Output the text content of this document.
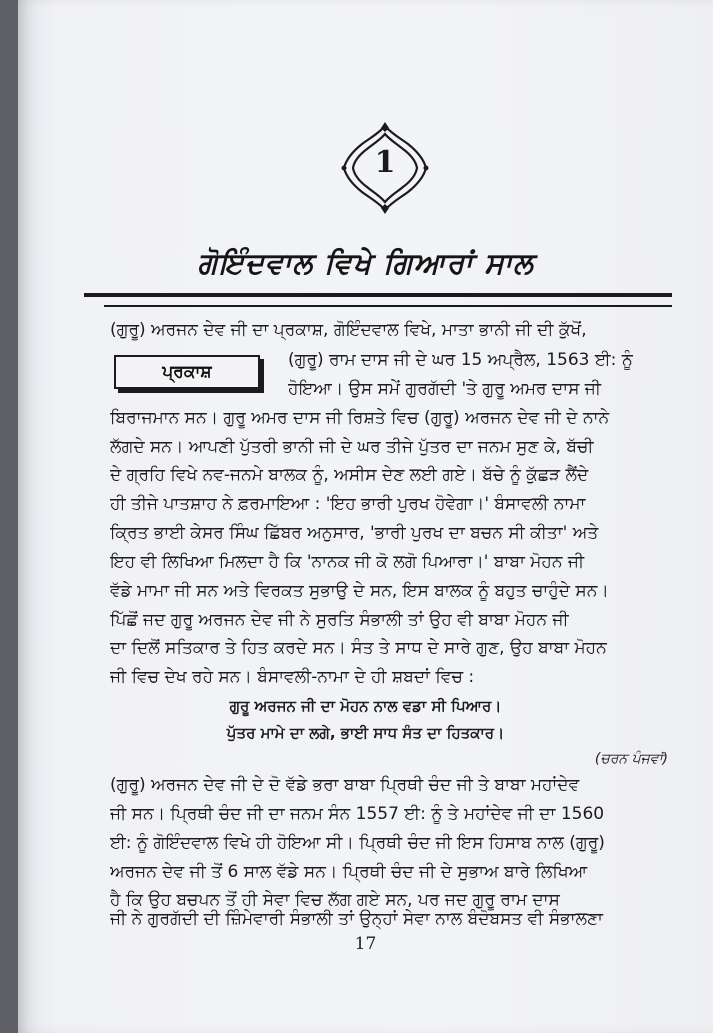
1
ਗੋਇੰਦਵਾਲ ਵਿਖੇ ਗਿਆਰਾਂ ਸਾਲ
ਪ੍ਰਕਾਸ਼
(ਗੁਰੂ) ਅਰਜਨ ਦੇਵ ਜੀ ਦਾ ਪ੍ਰਕਾਸ਼, ਗੋਇੰਦਵਾਲ ਵਿਖੇ, ਮਾਤਾ ਭਾਨੀ ਜੀ ਦੀ ਕੁੱਖੋਂ,
(ਗੁਰੂ) ਰਾਮ ਦਾਸ ਜੀ ਦੇ ਘਰ 15 ਅਪ੍ਰੈਲ, 1563 ਈ: ਨੂੰ
ਹੋਇਆ। ਉਸ ਸਮੇਂ ਗੁਰਗੱਦੀ 'ਤੇ ਗੁਰੂ ਅਮਰ ਦਾਸ ਜੀ
ਬਿਰਾਜਮਾਨ ਸਨ। ਗੁਰੂ ਅਮਰ ਦਾਸ ਜੀ ਰਿਸ਼ਤੇ ਵਿਚ (ਗੁਰੂ) ਅਰਜਨ ਦੇਵ ਜੀ ਦੇ ਨਾਨੇ
ਲੱਗਦੇ ਸਨ। ਆਪਣੀ ਪੁੱਤਰੀ ਭਾਨੀ ਜੀ ਦੇ ਘਰ ਤੀਜੇ ਪੁੱਤਰ ਦਾ ਜਨਮ ਸੁਣ ਕੇ, ਬੱਚੀ
ਦੇ ਗ੍ਰਹਿ ਵਿਖੇ ਨਵ-ਜਨਮੇ ਬਾਲਕ ਨੂੰ, ਅਸੀਸ ਦੇਣ ਲਈ ਗਏ। ਬੱਚੇ ਨੂੰ ਕੁੱਛੜ ਲੈਂਦੇ
ਹੀ ਤੀਜੇ ਪਾਤਸ਼ਾਹ ਨੇ ਫ਼ਰਮਾਇਆ : 'ਇਹ ਭਾਰੀ ਪੁਰਖ ਹੋਵੇਗਾ।' ਬੰਸਾਵਲੀ ਨਾਮਾ
ਕ੍ਰਿਤ ਭਾਈ ਕੇਸਰ ਸਿੰਘ ਛਿੱਬਰ ਅਨੁਸਾਰ, 'ਭਾਰੀ ਪੁਰਖ ਦਾ ਬਚਨ ਸੀ ਕੀਤਾ' ਅਤੇ
ਇਹ ਵੀ ਲਿਖਿਆ ਮਿਲਦਾ ਹੈ ਕਿ 'ਨਾਨਕ ਜੀ ਕੋ ਲਗੋ ਪਿਆਰਾ।' ਬਾਬਾ ਮੋਹਨ ਜੀ
ਵੱਡੇ ਮਾਮਾ ਜੀ ਸਨ ਅਤੇ ਵਿਰਕਤ ਸੁਭਾਉ ਦੇ ਸਨ, ਇਸ ਬਾਲਕ ਨੂੰ ਬਹੁਤ ਚਾਹੁੰਦੇ ਸਨ।
ਪਿੱਛੋਂ ਜਦ ਗੁਰੂ ਅਰਜਨ ਦੇਵ ਜੀ ਨੇ ਸੁਰਤਿ ਸੰਭਾਲੀ ਤਾਂ ਉਹ ਵੀ ਬਾਬਾ ਮੋਹਨ ਜੀ
ਦਾ ਦਿਲੋਂ ਸਤਿਕਾਰ ਤੇ ਹਿਤ ਕਰਦੇ ਸਨ। ਸੰਤ ਤੇ ਸਾਧ ਦੇ ਸਾਰੇ ਗੁਣ, ਉਹ ਬਾਬਾ ਮੋਹਨ
ਜੀ ਵਿਚ ਦੇਖ ਰਹੇ ਸਨ। ਬੰਸਾਵਲੀ-ਨਾਮਾ ਦੇ ਹੀ ਸ਼ਬਦਾਂ ਵਿਚ :
ਗੁਰੂ ਅਰਜਨ ਜੀ ਦਾ ਮੋਹਨ ਨਾਲ ਵਡਾ ਸੀ ਪਿਆਰ।
ਪੁੱਤਰ ਮਾਮੇ ਦਾ ਲਗੇ, ਭਾਈ ਸਾਧ ਸੰਤ ਦਾ ਹਿਤਕਾਰ।
(ਚਰਨ ਪੰਜਵਾਂ)
(ਗੁਰੂ) ਅਰਜਨ ਦੇਵ ਜੀ ਦੇ ਦੋ ਵੱਡੇ ਭਰਾ ਬਾਬਾ ਪ੍ਰਿਥੀ ਚੰਦ ਜੀ ਤੇ ਬਾਬਾ ਮਹਾਂਦੇਵ
ਜੀ ਸਨ। ਪ੍ਰਿਥੀ ਚੰਦ ਜੀ ਦਾ ਜਨਮ ਸੰਨ 1557 ਈ: ਨੂੰ ਤੇ ਮਹਾਂਦੇਵ ਜੀ ਦਾ 1560
ਈ: ਨੂੰ ਗੋਇੰਦਵਾਲ ਵਿਖੇ ਹੀ ਹੋਇਆ ਸੀ। ਪ੍ਰਿਥੀ ਚੰਦ ਜੀ ਇਸ ਹਿਸਾਬ ਨਾਲ (ਗੁਰੂ)
ਅਰਜਨ ਦੇਵ ਜੀ ਤੋਂ 6 ਸਾਲ ਵੱਡੇ ਸਨ। ਪ੍ਰਿਥੀ ਚੰਦ ਜੀ ਦੇ ਸੁਭਾਅ ਬਾਰੇ ਲਿਖਿਆ
ਹੈ ਕਿ ਉਹ ਬਚਪਨ ਤੋਂ ਹੀ ਸੇਵਾ ਵਿਚ ਲੱਗ ਗਏ ਸਨ, ਪਰ ਜਦ ਗੁਰੂ ਰਾਮ ਦਾਸ
ਜੀ ਨੇ ਗੁਰਗੱਦੀ ਦੀ ਜ਼ਿੰਮੇਵਾਰੀ ਸੰਭਾਲੀ ਤਾਂ ਉਨ੍ਹਾਂ ਸੇਵਾ ਨਾਲ ਬੰਦੋਬਸਤ ਵੀ ਸੰਭਾਲਣਾ
17
